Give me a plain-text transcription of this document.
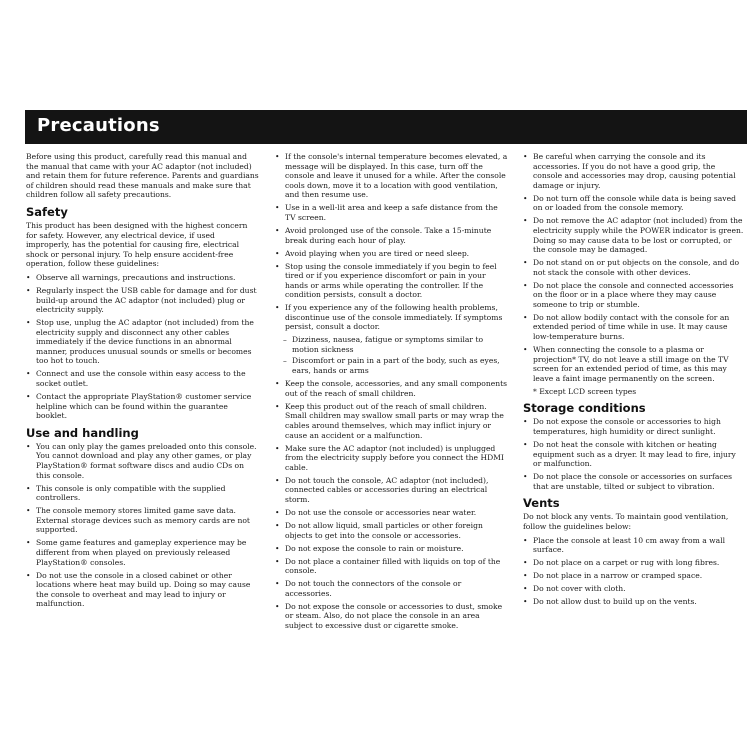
Precautions

Before using this product, carefully read this manual and the manual that came with your AC adaptor (not included) and retain them for future reference. Parents and guardians of children should read these manuals and make sure that children follow all safety precautions.

Safety

This product has been designed with the highest concern for safety. However, any electrical device, if used improperly, has the potential for causing fire, electrical shock or personal injury. To help ensure accident-free operation, follow these guidelines:

• Observe all warnings, precautions and instructions.
• Regularly inspect the USB cable for damage and for dust build-up around the AC adaptor (not included) plug or electricity supply.
• Stop use, unplug the AC adaptor (not included) from the electricity supply and disconnect any other cables immediately if the device functions in an abnormal manner, produces unusual sounds or smells or becomes too hot to touch.
• Connect and use the console within easy access to the socket outlet.
• Contact the appropriate PlayStation® customer service helpline which can be found within the guarantee booklet.
Use and handling
• You can only play the games preloaded onto this console. You cannot download and play any other games, or play PlayStation® format software discs and audio CDs on this console.
• This console is only compatible with the supplied controllers.
• The console memory stores limited game save data. External storage devices such as memory cards are not supported.
• Some game features and gameplay experience may be different from when played on previously released PlayStation® consoles.
• Do not use the console in a closed cabinet or other locations where heat may build up. Doing so may cause the console to overheat and may lead to injury or malfunction.
• If the console's internal temperature becomes elevated, a message will be displayed. In this case, turn off the console and leave it unused for a while. After the console cools down, move it to a location with good ventilation, and then resume use.
• Use in a well-lit area and keep a safe distance from the TV screen.
• Avoid prolonged use of the console. Take a 15-minute break during each hour of play.
• Avoid playing when you are tired or need sleep.
• Stop using the console immediately if you begin to feel tired or if you experience discomfort or pain in your hands or arms while operating the controller. If the condition persists, consult a doctor.
• If you experience any of the following health problems, discontinue use of the console immediately. If symptoms persist, consult a doctor.
– Dizziness, nausea, fatigue or symptoms similar to motion sickness
– Discomfort or pain in a part of the body, such as eyes, ears, hands or arms
• Keep the console, accessories, and any small components out of the reach of small children.
• Keep this product out of the reach of small children. Small children may swallow small parts or may wrap the cables around themselves, which may inflict injury or cause an accident or a malfunction.
• Make sure the AC adaptor (not included) is unplugged from the electricity supply before you connect the HDMI cable.
• Do not touch the console, AC adaptor (not included), connected cables or accessories during an electrical storm.
• Do not use the console or accessories near water.
• Do not allow liquid, small particles or other foreign objects to get into the console or accessories.
• Do not expose the console to rain or moisture.
• Do not place a container filled with liquids on top of the console.
• Do not touch the connectors of the console or accessories.
• Do not expose the console or accessories to dust, smoke or steam. Also, do not place the console in an area subject to excessive dust or cigarette smoke.
• Be careful when carrying the console and its accessories. If you do not have a good grip, the console and accessories may drop, causing potential damage or injury.
• Do not turn off the console while data is being saved on or loaded from the console memory.
• Do not remove the AC adaptor (not included) from the electricity supply while the POWER indicator is green. Doing so may cause data to be lost or corrupted, or the console may be damaged.
• Do not stand on or put objects on the console, and do not stack the console with other devices.
• Do not place the console and connected accessories on the floor or in a place where they may cause someone to trip or stumble.
• Do not allow bodily contact with the console for an extended period of time while in use. It may cause low-temperature burns.
• When connecting the console to a plasma or projection* TV, do not leave a still image on the TV screen for an extended period of time, as this may leave a faint image permanently on the screen.

* Except LCD screen types

Storage conditions
• Do not expose the console or accessories to high temperatures, high humidity or direct sunlight.
• Do not heat the console with kitchen or heating equipment such as a dryer. It may lead to fire, injury or malfunction.
• Do not place the console or accessories on surfaces that are unstable, tilted or subject to vibration.
Vents

Do not block any vents. To maintain good ventilation, follow the guidelines below:

• Place the console at least 10 cm away from a wall surface.
• Do not place on a carpet or rug with long fibres.
• Do not place in a narrow or cramped space.
• Do not cover with cloth.
• Do not allow dust to build up on the vents.
